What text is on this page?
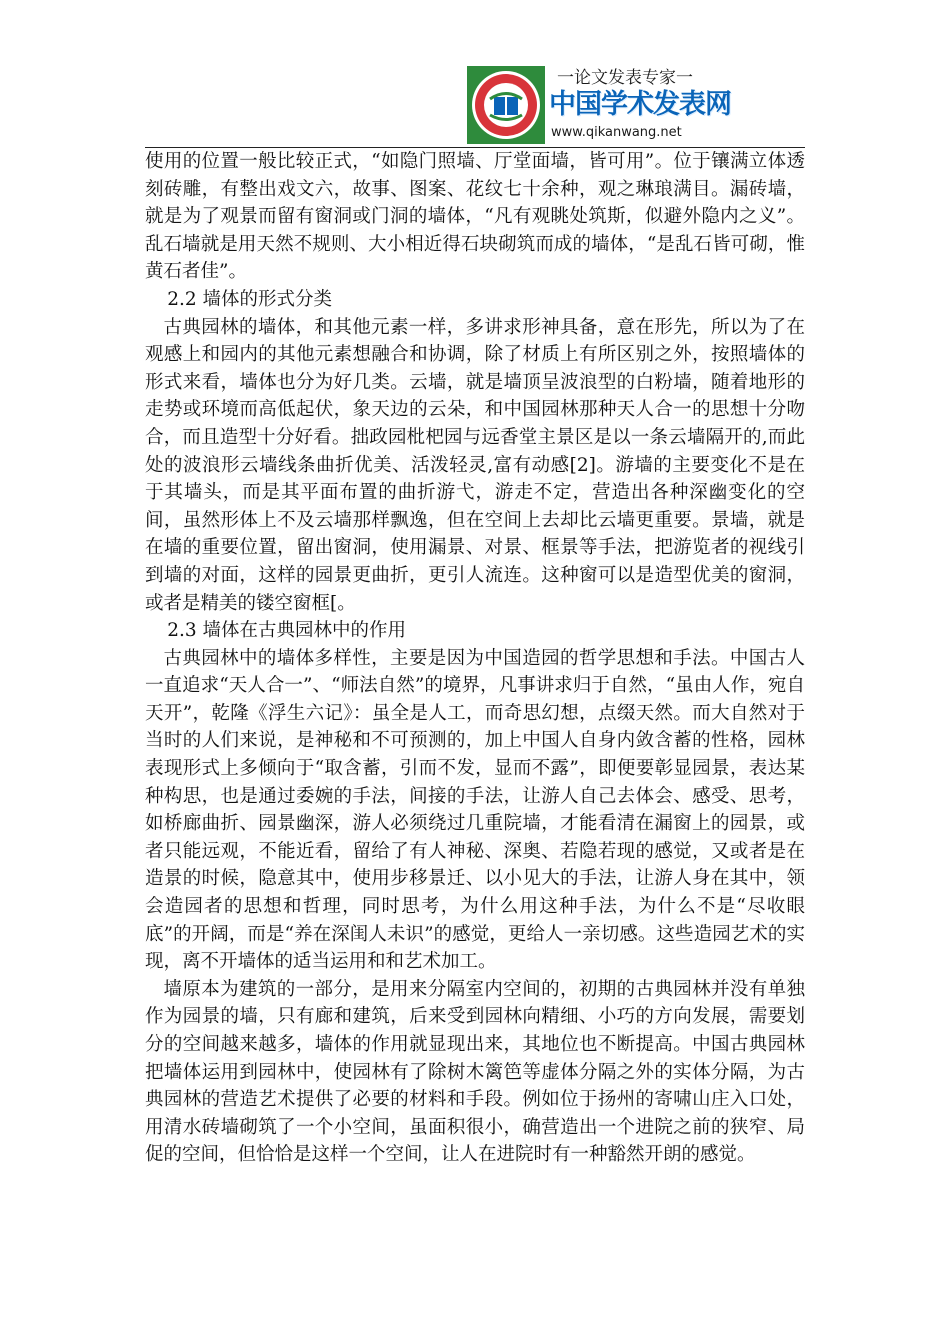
一论文发表专家一
中国学术发表网
www.qikanwang.net

使用的位置一般比较正式，“如隐门照墙、厅堂面墙，皆可用”。位于镶满立体透刻砖雕，有整出戏文六，故事、图案、花纹七十余种，观之琳琅满目。漏砖墙，就是为了观景而留有窗洞或门洞的墙体，“凡有观眺处筑斯，似避外隐内之义”。乱石墙就是用天然不规则、大小相近得石块砌筑而成的墙体，“是乱石皆可砌，惟黄石者佳”。

2.2 墙体的形式分类

古典园林的墙体，和其他元素一样，多讲求形神具备，意在形先，所以为了在观感上和园内的其他元素想融合和协调，除了材质上有所区别之外，按照墙体的形式来看，墙体也分为好几类。云墙，就是墙顶呈波浪型的白粉墙，随着地形的走势或环境而高低起伏，象天边的云朵，和中国园林那种天人合一的思想十分吻合，而且造型十分好看。拙政园枇杷园与远香堂主景区是以一条云墙隔开的,而此处的波浪形云墙线条曲折优美、活泼轻灵,富有动感[2]。游墙的主要变化不是在于其墙头，而是其平面布置的曲折游弋，游走不定，营造出各种深幽变化的空间，虽然形体上不及云墙那样飘逸，但在空间上去却比云墙更重要。景墙，就是在墙的重要位置，留出窗洞，使用漏景、对景、框景等手法，把游览者的视线引到墙的对面，这样的园景更曲折，更引人流连。这种窗可以是造型优美的窗洞，或者是精美的镂空窗框[。

2.3 墙体在古典园林中的作用

古典园林中的墙体多样性，主要是因为中国造园的哲学思想和手法。中国古人一直追求“天人合一”、“师法自然”的境界，凡事讲求归于自然，“虽由人作，宛自天开”，乾隆《浮生六记》：虽全是人工，而奇思幻想，点缀天然。而大自然对于当时的人们来说，是神秘和不可预测的，加上中国人自身内敛含蓄的性格，园林表现形式上多倾向于“取含蓄，引而不发，显而不露”，即便要彰显园景，表达某种构思，也是通过委婉的手法，间接的手法，让游人自己去体会、感受、思考，如桥廊曲折、园景幽深，游人必须绕过几重院墙，才能看清在漏窗上的园景，或者只能远观，不能近看，留给了有人神秘、深奥、若隐若现的感觉，又或者是在造景的时候，隐意其中，使用步移景迁、以小见大的手法，让游人身在其中，领会造园者的思想和哲理，同时思考，为什么用这种手法，为什么不是“尽收眼底”的开阔，而是“养在深闺人未识”的感觉，更给人一亲切感。这些造园艺术的实现，离不开墙体的适当运用和和艺术加工。

墙原本为建筑的一部分，是用来分隔室内空间的，初期的古典园林并没有单独作为园景的墙，只有廊和建筑，后来受到园林向精细、小巧的方向发展，需要划分的空间越来越多，墙体的作用就显现出来，其地位也不断提高。中国古典园林把墙体运用到园林中，使园林有了除树木篱笆等虚体分隔之外的实体分隔，为古典园林的营造艺术提供了必要的材料和手段。例如位于扬州的寄啸山庄入口处，用清水砖墙砌筑了一个小空间，虽面积很小，确营造出一个进院之前的狭窄、局促的空间，但恰恰是这样一个空间，让人在进院时有一种豁然开朗的感觉。
